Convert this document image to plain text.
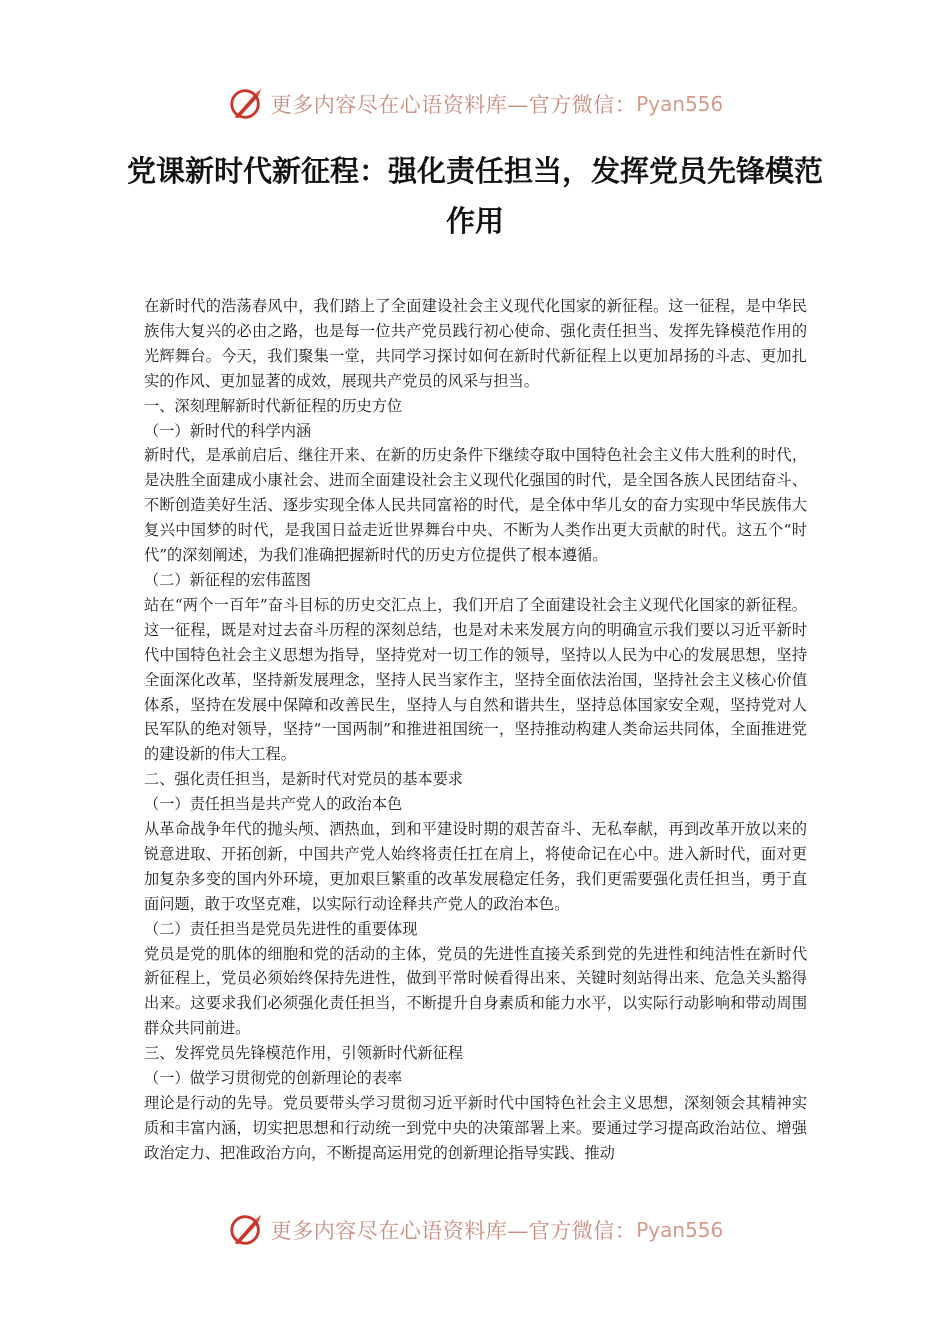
更多内容尽在心语资料库—官方微信： Pyan556
党课新时代新征程：强化责任担当，发挥党员先锋模范作用

在新时代的浩荡春风中，我们踏上了全面建设社会主义现代化国家的新征程。这一征程，是中华民族伟大复兴的必由之路，也是每一位共产党员践行初心使命、强化责任担当、发挥先锋模范作用的光辉舞台。今天，我们聚集一堂，共同学习探讨如何在新时代新征程上以更加昂扬的斗志、更加扎实的作风、更加显著的成效，展现共产党员的风采与担当。

一、深刻理解新时代新征程的历史方位

（一）新时代的科学内涵

新时代，是承前启后、继往开来、在新的历史条件下继续夺取中国特色社会主义伟大胜利的时代，是决胜全面建成小康社会、进而全面建设社会主义现代化强国的时代，是全国各族人民团结奋斗、不断创造美好生活、逐步实现全体人民共同富裕的时代，是全体中华儿女的奋力实现中华民族伟大复兴中国梦的时代，是我国日益走近世界舞台中央、不断为人类作出更大贡献的时代。这五个“时代”的深刻阐述，为我们准确把握新时代的历史方位提供了根本遵循。

（二）新征程的宏伟蓝图

站在“两个一百年”奋斗目标的历史交汇点上，我们开启了全面建设社会主义现代化国家的新征程。这一征程，既是对过去奋斗历程的深刻总结，也是对未来发展方向的明确宣示我们要以习近平新时代中国特色社会主义思想为指导，坚持党对一切工作的领导，坚持以人民为中心的发展思想，坚持全面深化改革，坚持新发展理念，坚持人民当家作主，坚持全面依法治国，坚持社会主义核心价值体系，坚持在发展中保障和改善民生，坚持人与自然和谐共生，坚持总体国家安全观，坚持党对人民军队的绝对领导，坚持“一国两制”和推进祖国统一，坚持推动构建人类命运共同体，全面推进党的建设新的伟大工程。

二、强化责任担当，是新时代对党员的基本要求

（一）责任担当是共产党人的政治本色

从革命战争年代的抛头颅、洒热血，到和平建设时期的艰苦奋斗、无私奉献，再到改革开放以来的锐意进取、开拓创新，中国共产党人始终将责任扛在肩上，将使命记在心中。进入新时代，面对更加复杂多变的国内外环境，更加艰巨繁重的改革发展稳定任务，我们更需要强化责任担当，勇于直面问题，敢于攻坚克难，以实际行动诠释共产党人的政治本色。

（二）责任担当是党员先进性的重要体现

党员是党的肌体的细胞和党的活动的主体，党员的先进性直接关系到党的先进性和纯洁性在新时代新征程上，党员必须始终保持先进性，做到平常时候看得出来、关键时刻站得出来、危急关头豁得出来。这要求我们必须强化责任担当，不断提升自身素质和能力水平，以实际行动影响和带动周围群众共同前进。

三、发挥党员先锋模范作用，引领新时代新征程

（一）做学习贯彻党的创新理论的表率

理论是行动的先导。党员要带头学习贯彻习近平新时代中国特色社会主义思想，深刻领会其精神实质和丰富内涵，切实把思想和行动统一到党中央的决策部署上来。要通过学习提高政治站位、增强政治定力、把准政治方向，不断提高运用党的创新理论指导实践、推动

更多内容尽在心语资料库—官方微信： Pyan556
